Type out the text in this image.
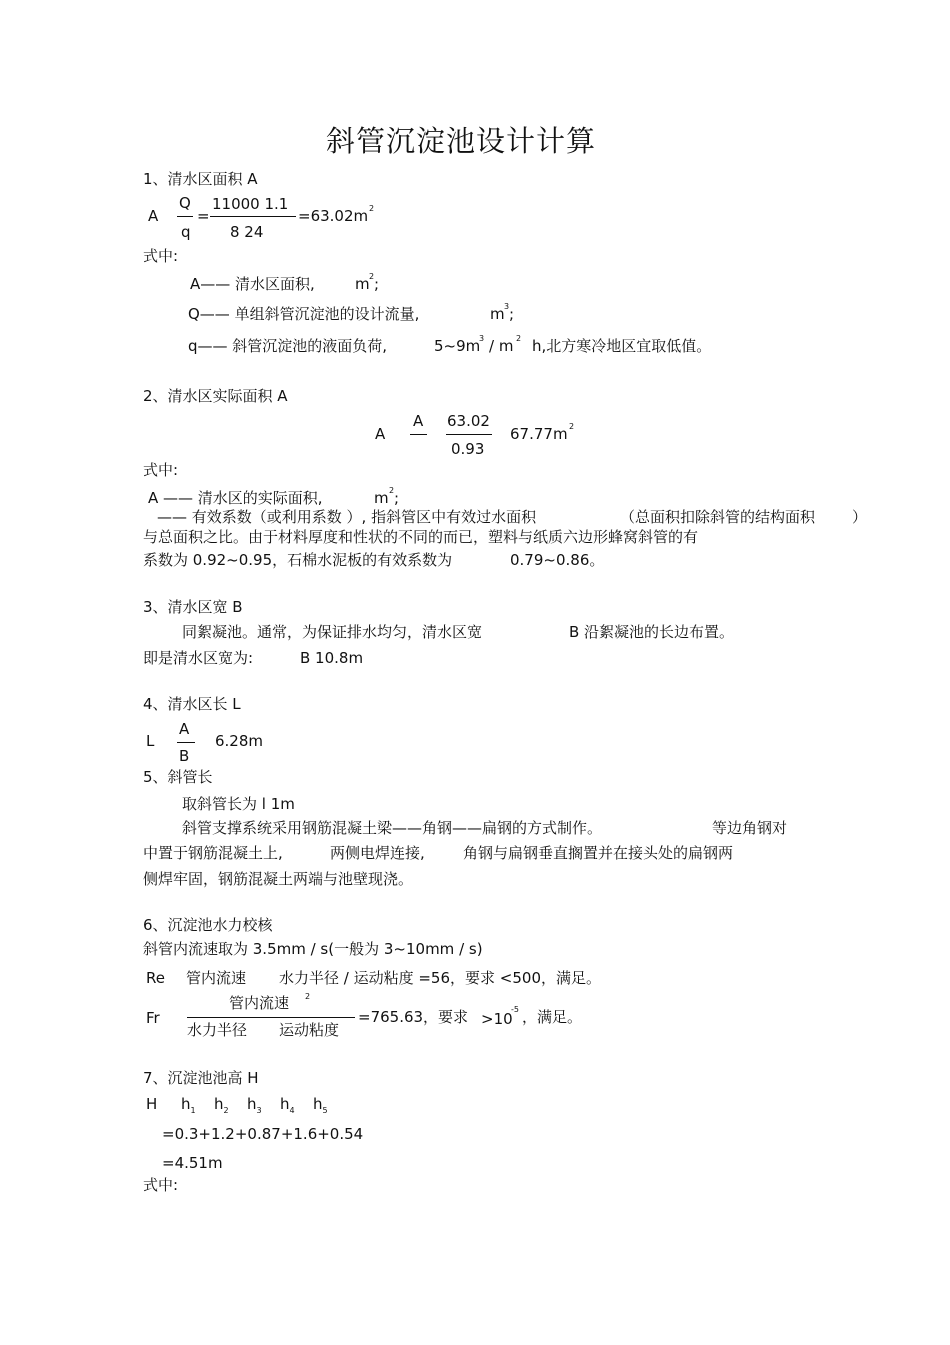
斜管沉淀池设计计算
1、清水区面积 A
A
Q
q
=
11000 1.1
8 24
=63.02m 2
式中:
A—— 清水区面积,	m 2 ;
Q—— 单组斜管沉淀池的设计流量,	m 3 ;
q—— 斜管沉淀池的液面负荷,	5~9m
3 / m 2 h,北方寒冷地区宜取低值。
2、清水区实际面积 A
A
A 63.02
0.93
67.77m 2
式中:
A —— 清水区的实际面积,	m 2 ;
—— 有效系数（或利用系数 ）, 指斜管区中有效过水面积	（总面积扣除斜管的结构面积 ）
与总面积之比。由于材料厚度和性状的不同的而已，塑料与纸质六边形蜂窝斜管的有
系数为 0.92~0.95，石棉水泥板的有效系数为	0.79~0.86。
3、清水区宽 B
同絮凝池。通常，为保证排水均匀，清水区宽	B 沿絮凝池的长边布置。
即是清水区宽为:	B 10.8m
4、清水区长 L
L
A
B
6.28m
5、斜管长
取斜管长为 l 1m
斜管支撑系统采用钢筋混凝土梁——角钢——扁钢的方式制作。	等边角钢对
中置于钢筋混凝土上,	两侧电焊连接,	角钢与扁钢垂直搁置并在接头处的扁钢两
侧焊牢固，钢筋混凝土两端与池壁现浇。
6、沉淀池水力校核
斜管内流速取为 3.5mm / s(一般为 3~10mm / s)
Re 管内流速 水力半径 / 运动粘度 =56，要求 <500，满足。
Fr
管内流速 2
水力半径 运动粘度
=765.63，要求 >10
-5 ，满足。
7、沉淀池池高 H
H $h_1$ $h_2$ $h_3$ $h_4$ $h_5$
=0.3+1.2+0.87+1.6+0.54
=4.51m
式中:
